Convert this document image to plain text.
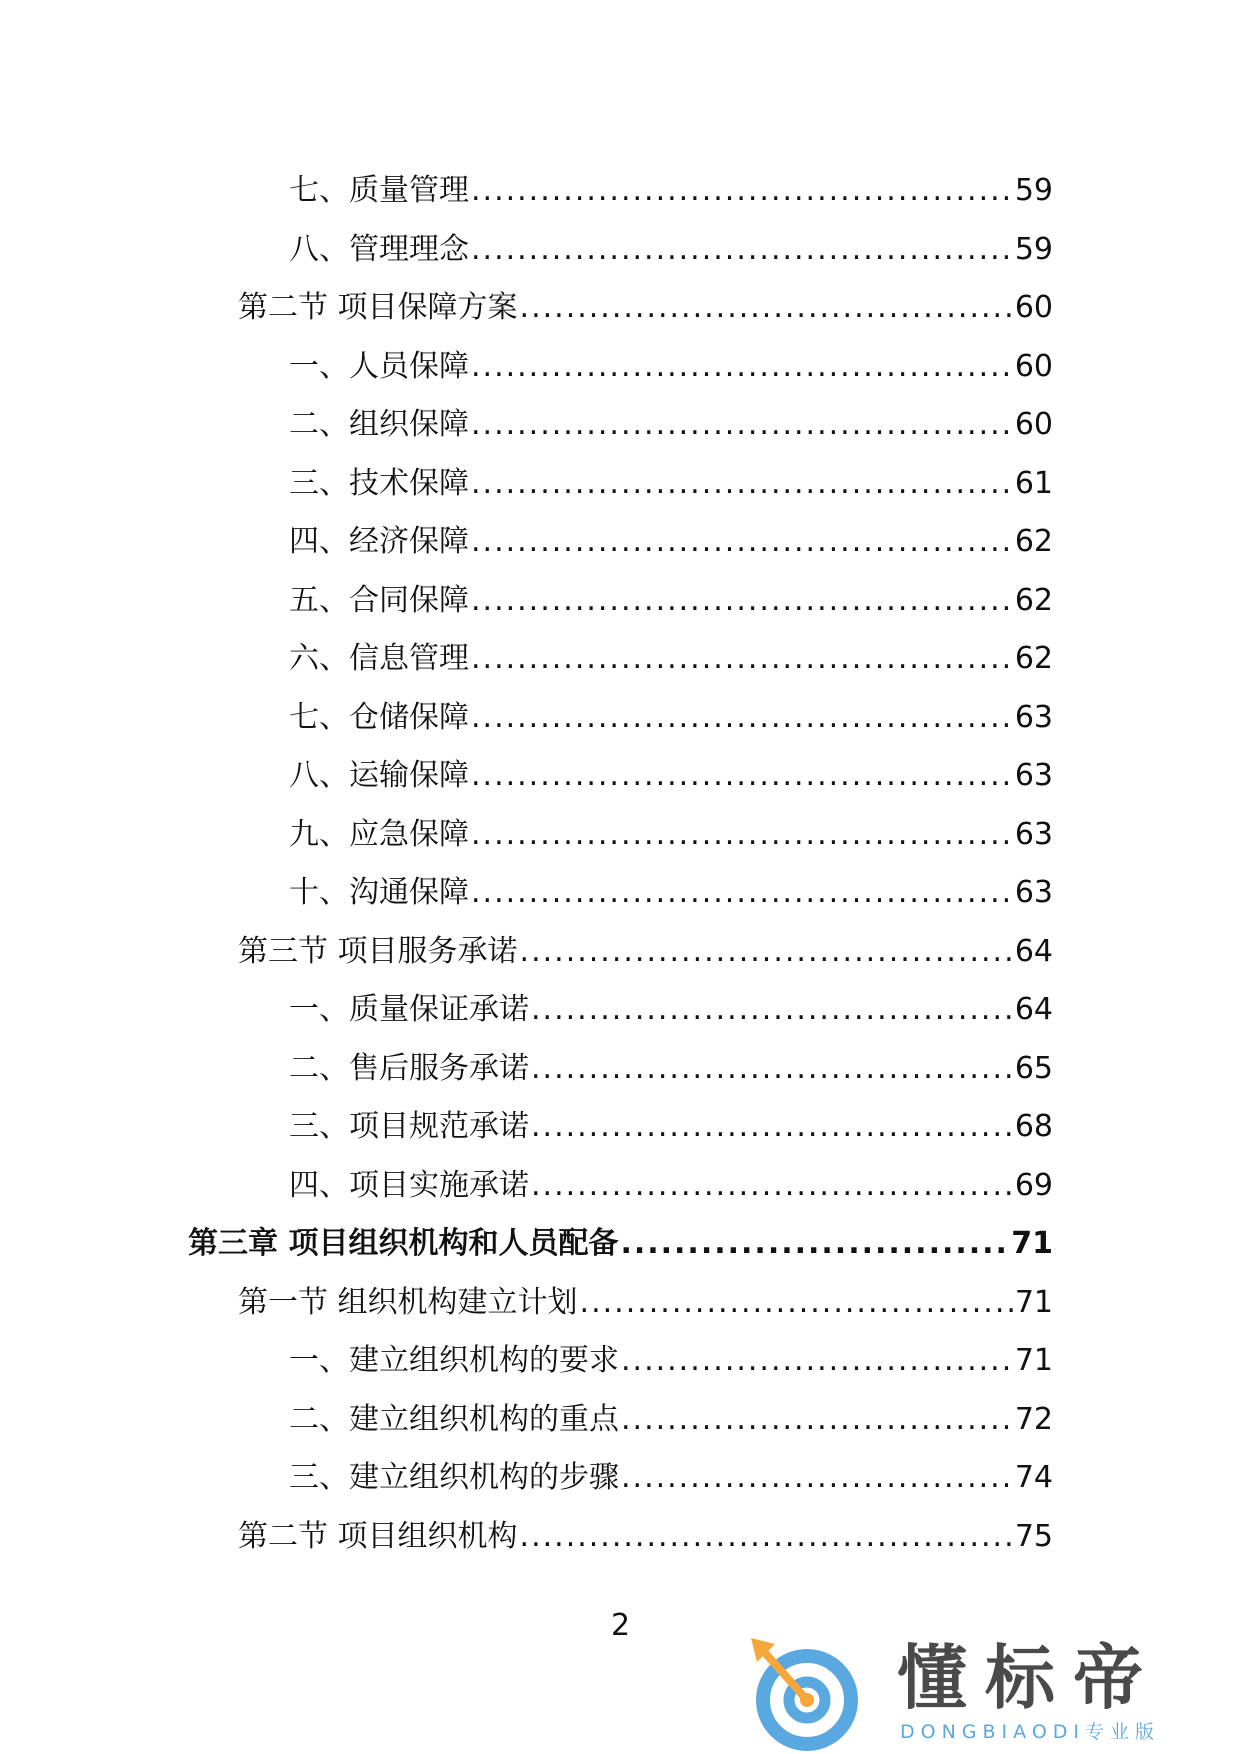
七、质量管理 .....	59
八、管理理念 .....	59
第二节 项目保障方案 .....	60
一、人员保障 .....	60
二、组织保障 .....	60
三、技术保障 .....	61
四、经济保障 .....	62
五、合同保障 .....	62
六、信息管理 .....	62
七、仓储保障 .....	63
八、运输保障 .....	63
九、应急保障 .....	63
十、沟通保障 .....	63
第三节 项目服务承诺 .....	64
一、质量保证承诺 .....	64
二、售后服务承诺 .....	65
三、项目规范承诺 .....	68
四、项目实施承诺 .....	69
第三章 项目组织机构和人员配备 .....	71
第一节 组织机构建立计划 .....	71
一、建立组织机构的要求 .....	71
二、建立组织机构的重点 .....	72
三、建立组织机构的步骤 .....	74
第二节 项目组织机构 .....	75
2
懂标帝
DONGBIAODI专业版
